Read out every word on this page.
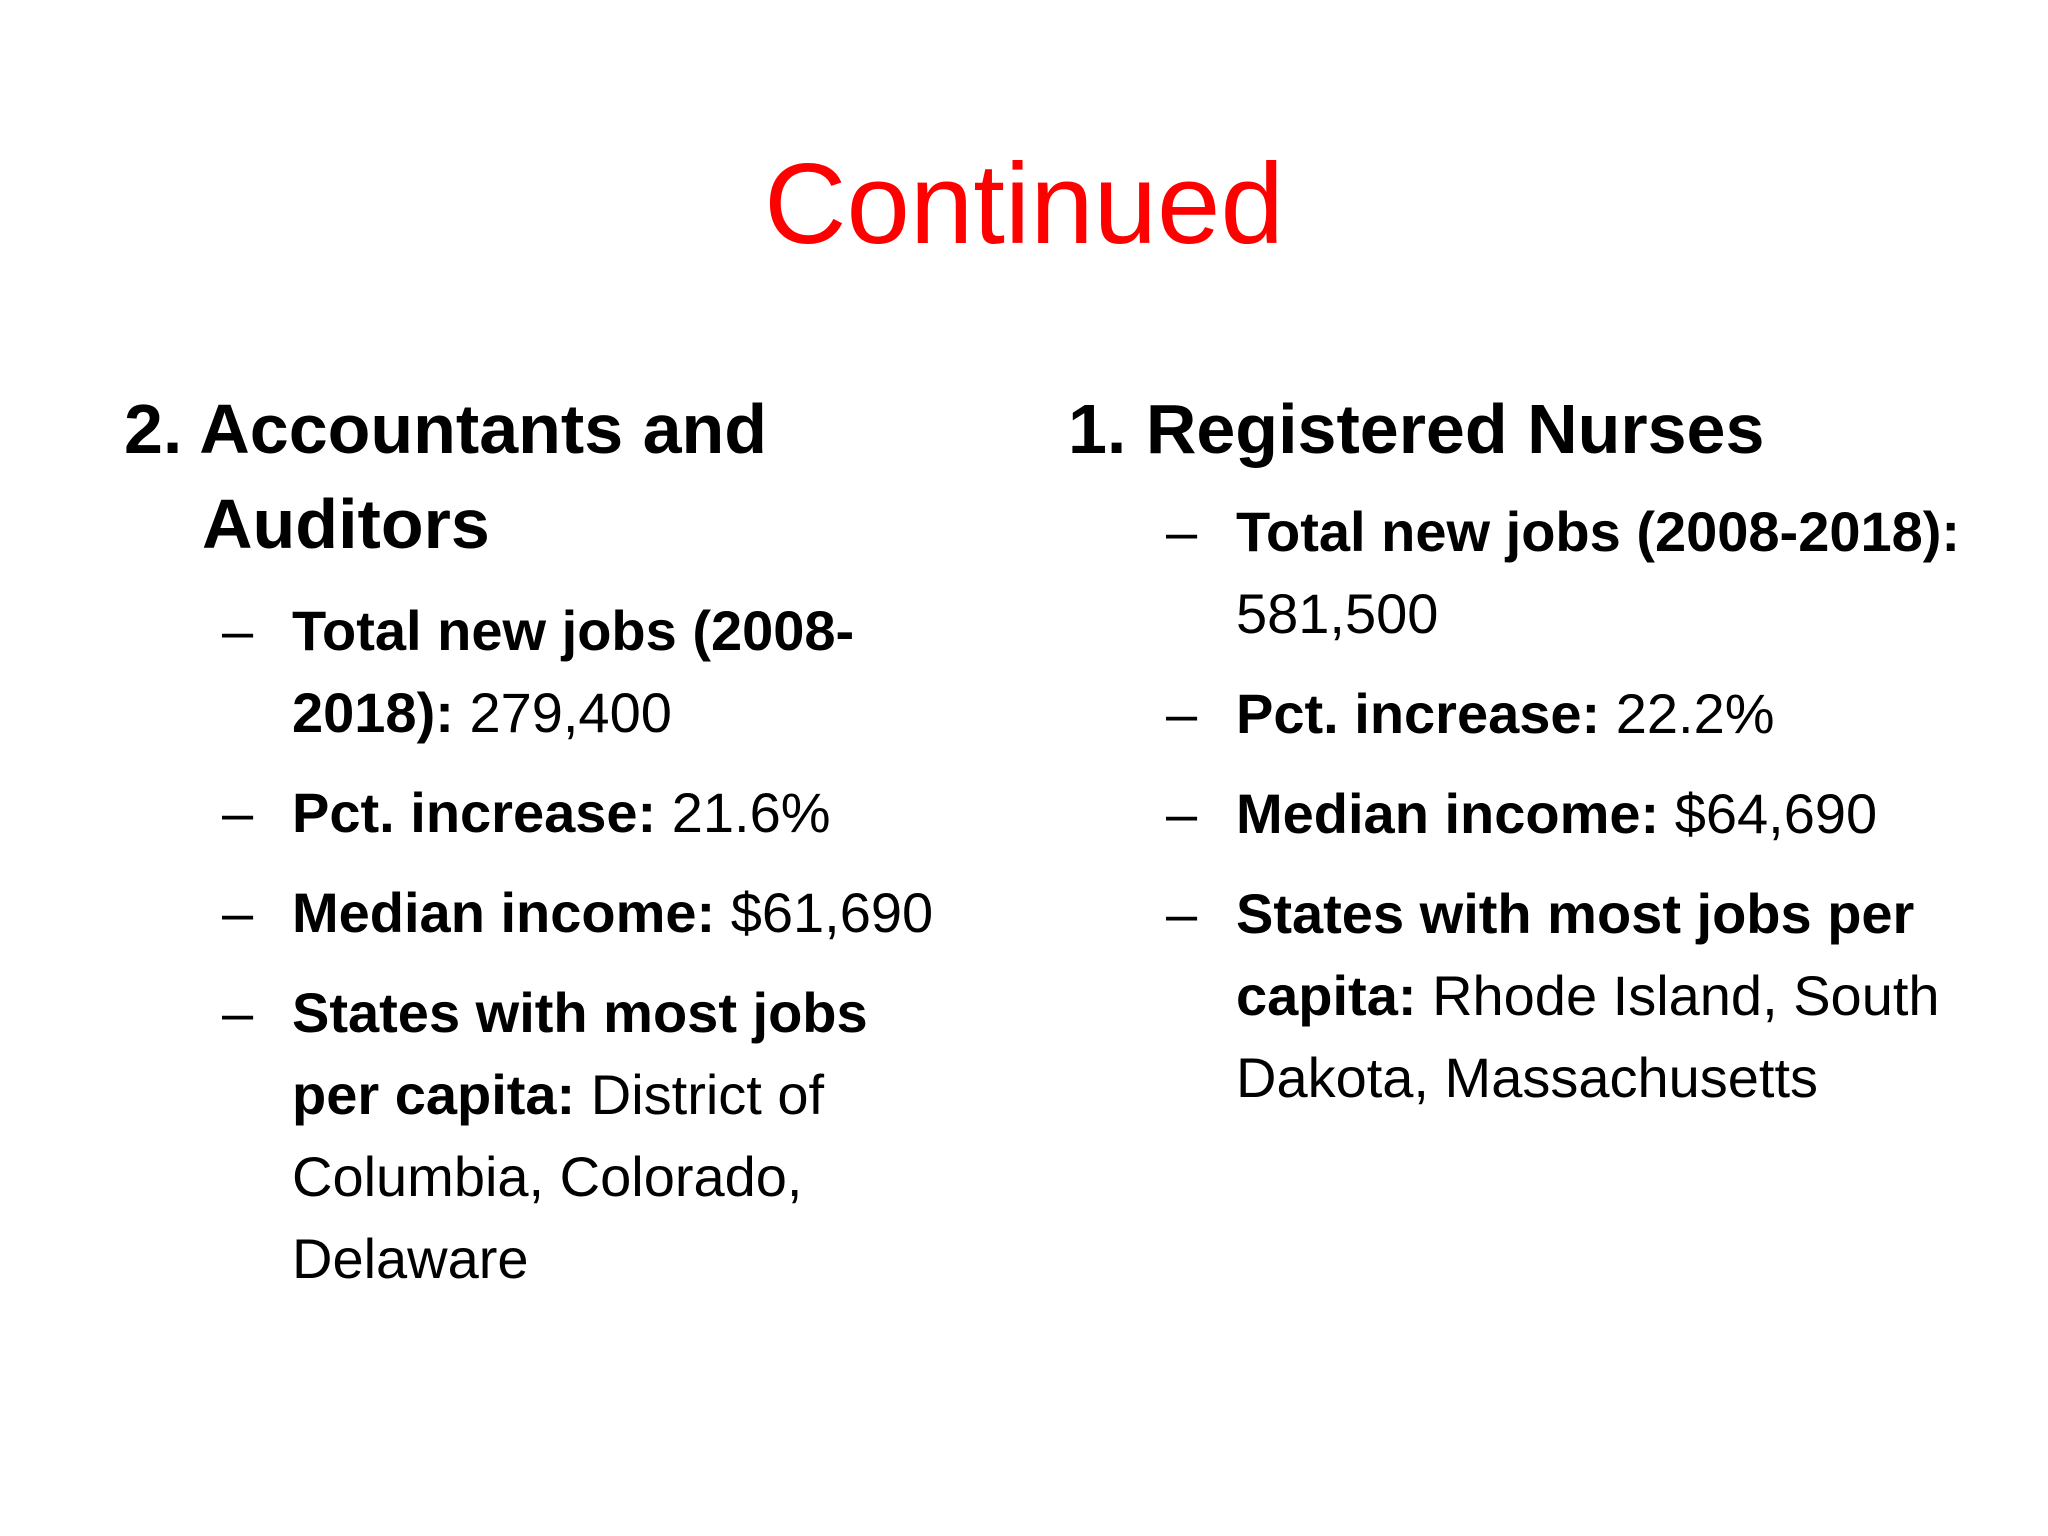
Continued

2. Accountants and Auditors

– Total new jobs (2008-2018): 279,400
– Pct. increase: 21.6%
– Median income: $61,690
– States with most jobs per capita: District of Columbia, Colorado, Delaware

1. Registered Nurses

– Total new jobs (2008-2018): 581,500
– Pct. increase: 22.2%
– Median income: $64,690
– States with most jobs per capita: Rhode Island, South Dakota, Massachusetts
